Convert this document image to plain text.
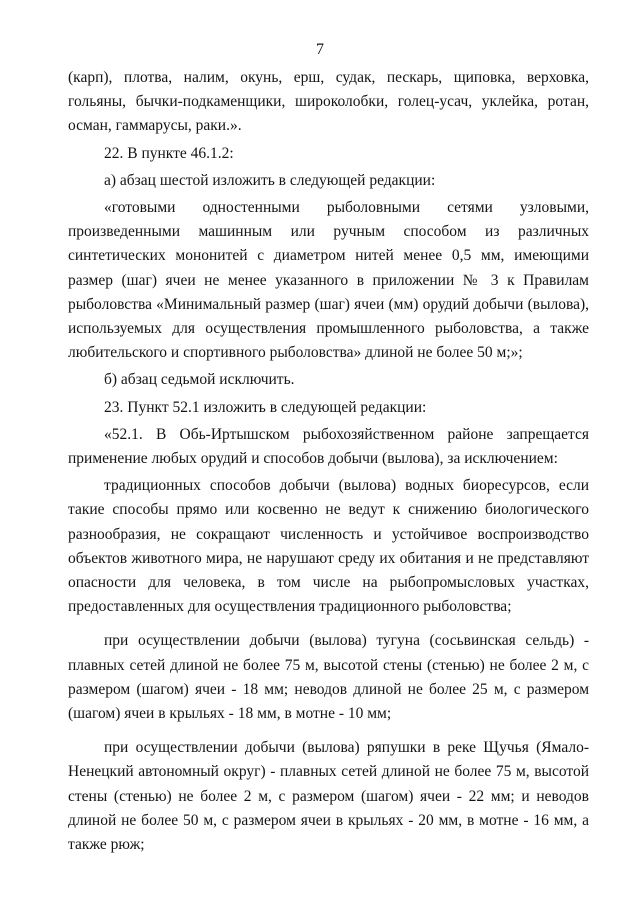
7

(карп), плотва, налим, окунь, ерш, судак, пескарь, щиповка, верховка, гольяны, бычки-подкаменщики, широколобки, голец-усач, уклейка, ротан, осман, гаммарусы, раки.».

22. В пункте 46.1.2:

а) абзац шестой изложить в следующей редакции:

«готовыми одностенными рыболовными сетями узловыми, произведенными машинным или ручным способом из различных синтетических мононитей с диаметром нитей менее 0,5 мм, имеющими размер (шаг) ячеи не менее указанного в приложении № 3 к Правилам рыболовства «Минимальный размер (шаг) ячеи (мм) орудий добычи (вылова), используемых для осуществления промышленного рыболовства, а также любительского и спортивного рыболовства» длиной не более 50 м;»;

б) абзац седьмой исключить.

23. Пункт 52.1 изложить в следующей редакции:

«52.1. В Обь-Иртышском рыбохозяйственном районе запрещается применение любых орудий и способов добычи (вылова), за исключением:

традиционных способов добычи (вылова) водных биоресурсов, если такие способы прямо или косвенно не ведут к снижению биологического разнообразия, не сокращают численность и устойчивое воспроизводство объектов животного мира, не нарушают среду их обитания и не представляют опасности для человека, в том числе на рыбопромысловых участках, предоставленных для осуществления традиционного рыболовства;

при осуществлении добычи (вылова) тугуна (сосьвинская сельдь) - плавных сетей длиной не более 75 м, высотой стены (стенью) не более 2 м, с размером (шагом) ячеи - 18 мм; неводов длиной не более 25 м, с размером (шагом) ячеи в крыльях - 18 мм, в мотне - 10 мм;

при осуществлении добычи (вылова) ряпушки в реке Щучья (Ямало-Ненецкий автономный округ) - плавных сетей длиной не более 75 м, высотой стены (стенью) не более 2 м, с размером (шагом) ячеи - 22 мм; и неводов длиной не более 50 м, с размером ячеи в крыльях - 20 мм, в мотне - 16 мм, а также рюж;
